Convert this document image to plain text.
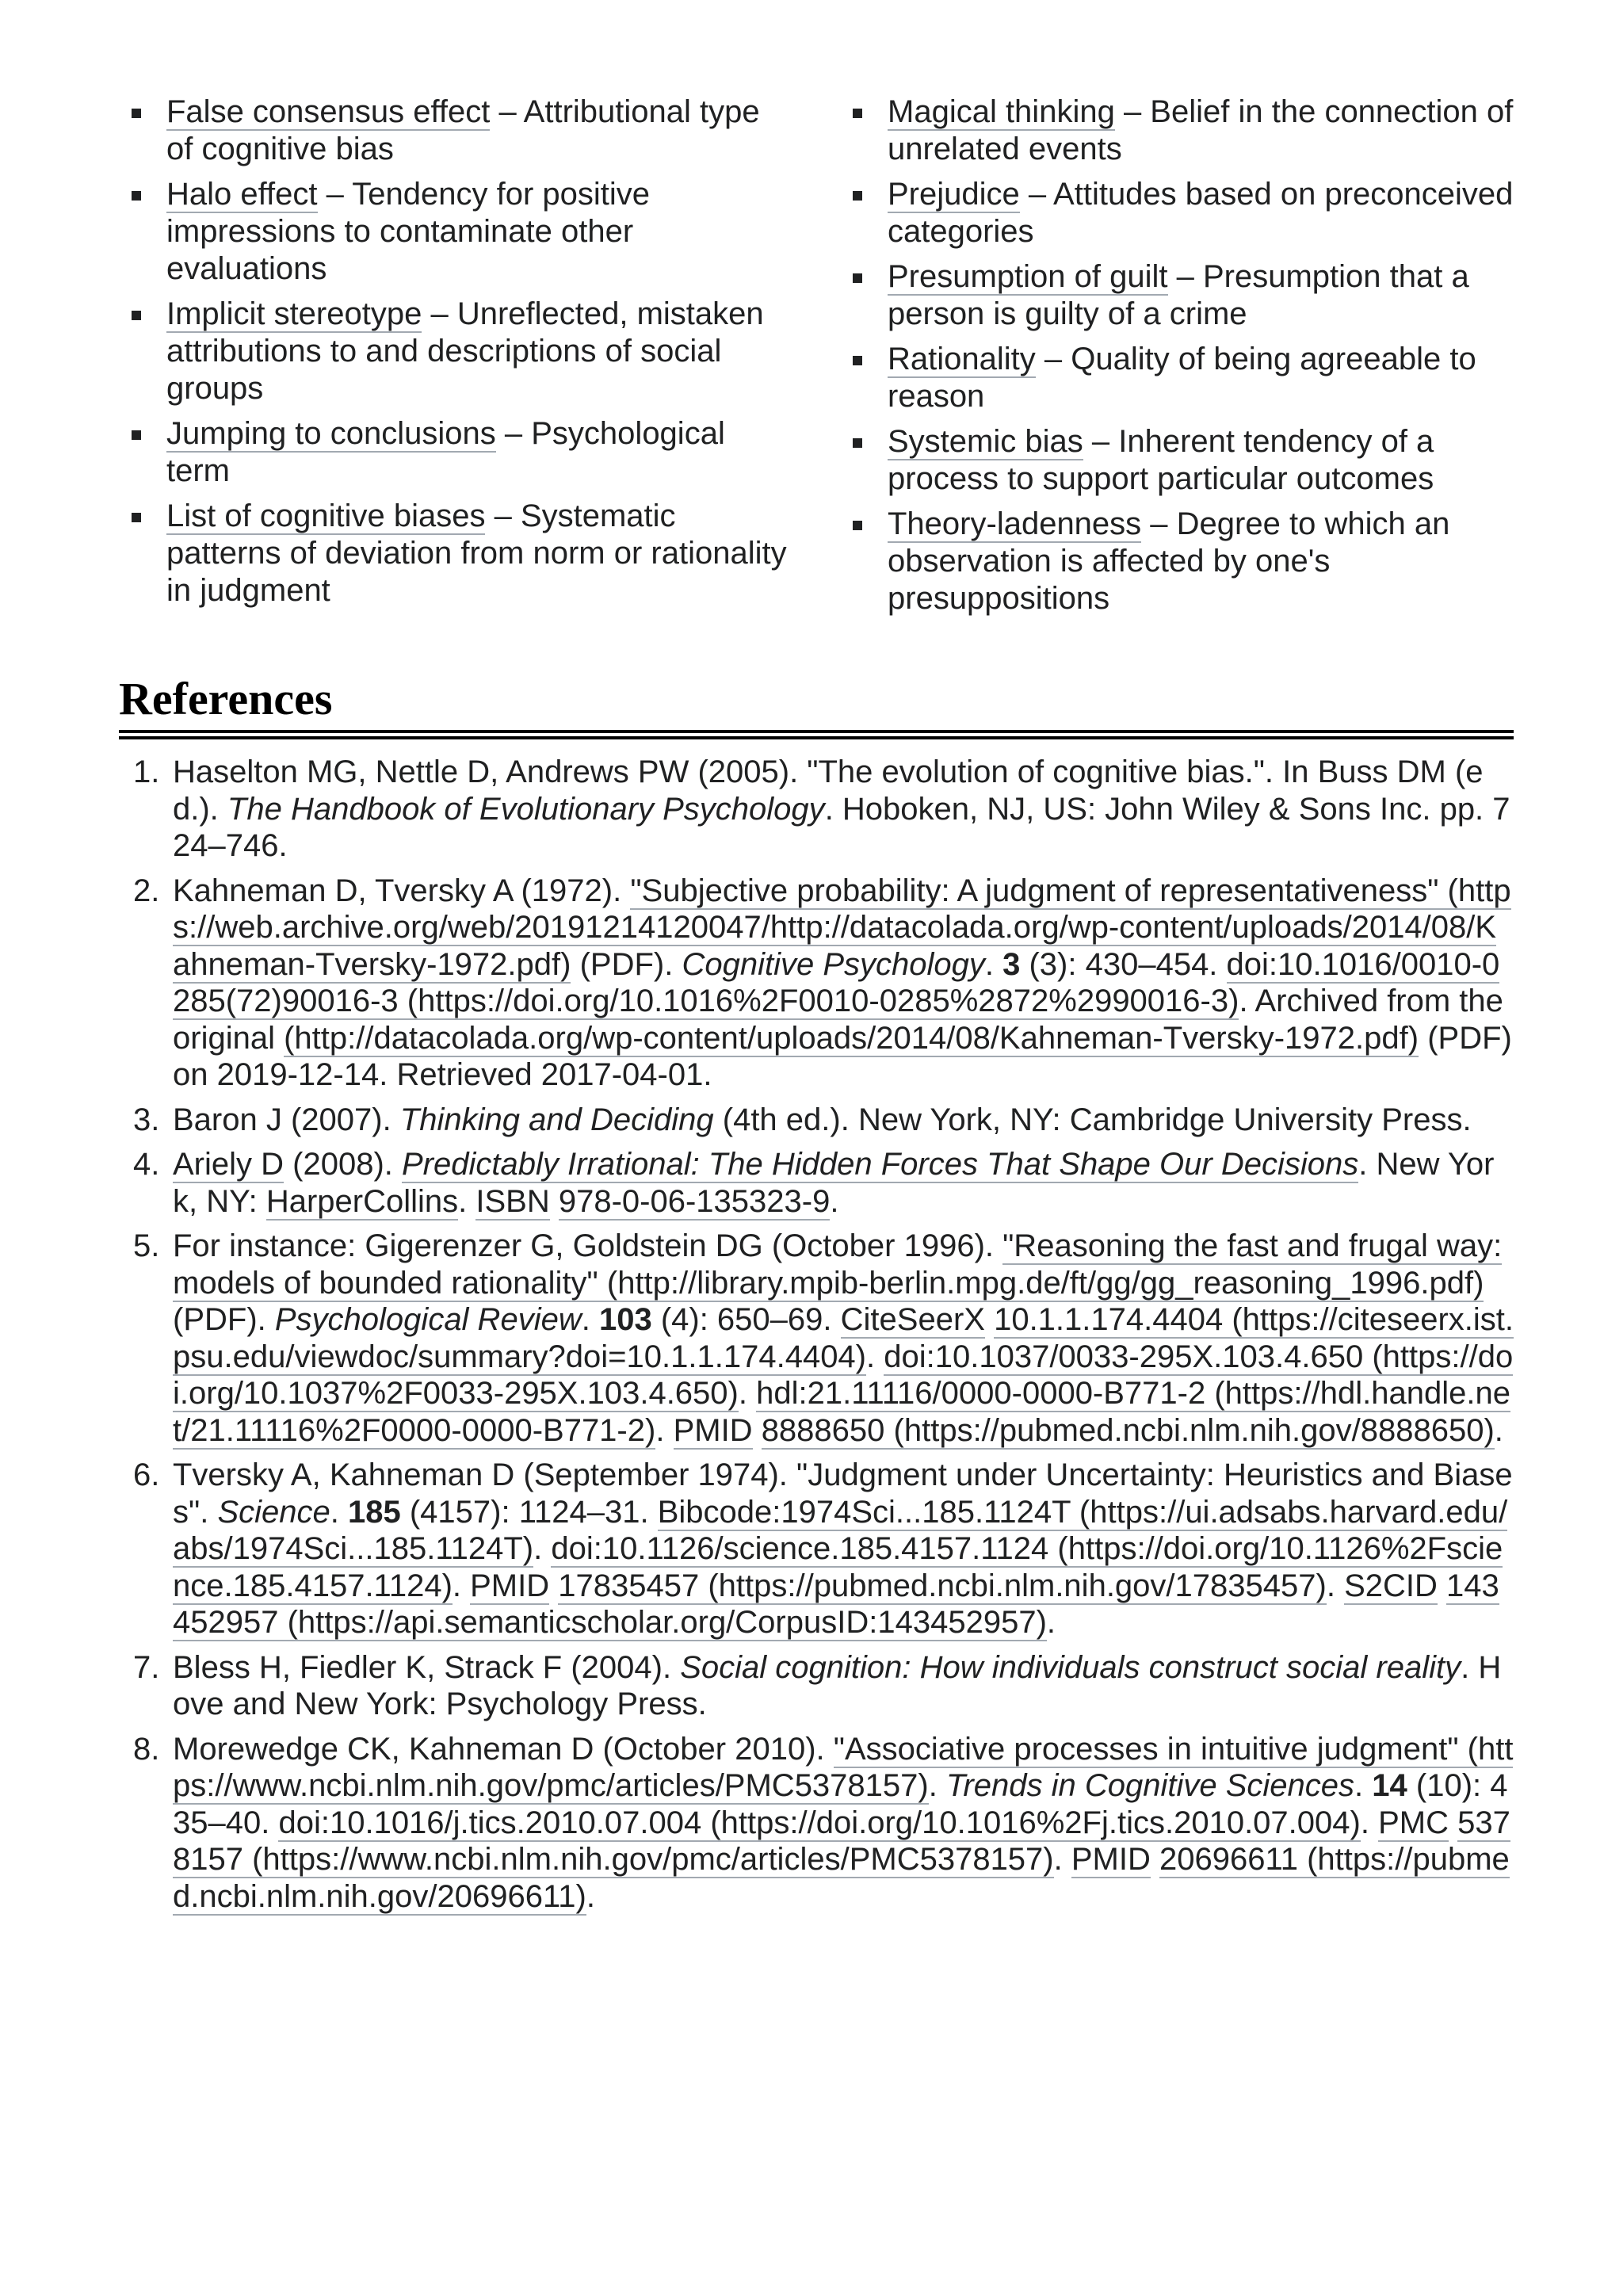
False consensus effect – Attributional type of cognitive bias
Halo effect – Tendency for positive impressions to contaminate other evaluations
Implicit stereotype – Unreflected, mistaken attributions to and descriptions of social groups
Jumping to conclusions – Psychological term
List of cognitive biases – Systematic patterns of deviation from norm or rationality in judgment
Magical thinking – Belief in the connection of unrelated events
Prejudice – Attitudes based on preconceived categories
Presumption of guilt – Presumption that a person is guilty of a crime
Rationality – Quality of being agreeable to reason
Systemic bias – Inherent tendency of a process to support particular outcomes
Theory-ladenness – Degree to which an observation is affected by one's presuppositions
References
1. Haselton MG, Nettle D, Andrews PW (2005). "The evolution of cognitive bias.". In Buss DM (ed.). The Handbook of Evolutionary Psychology. Hoboken, NJ, US: John Wiley & Sons Inc. pp. 724–746.
2. Kahneman D, Tversky A (1972). "Subjective probability: A judgment of representativeness" (https://web.archive.org/web/20191214120047/http://datacolada.org/wp-content/uploads/2014/08/Kahneman-Tversky-1972.pdf) (PDF). Cognitive Psychology. 3 (3): 430–454. doi:10.1016/0010-0285(72)90016-3 (https://doi.org/10.1016%2F0010-0285%2872%2990016-3). Archived from the original (http://datacolada.org/wp-content/uploads/2014/08/Kahneman-Tversky-1972.pdf) (PDF) on 2019-12-14. Retrieved 2017-04-01.
3. Baron J (2007). Thinking and Deciding (4th ed.). New York, NY: Cambridge University Press.
4. Ariely D (2008). Predictably Irrational: The Hidden Forces That Shape Our Decisions. New York, NY: HarperCollins. ISBN 978-0-06-135323-9.
5. For instance: Gigerenzer G, Goldstein DG (October 1996). "Reasoning the fast and frugal way: models of bounded rationality" (http://library.mpib-berlin.mpg.de/ft/gg/gg_reasoning_1996.pdf) (PDF). Psychological Review. 103 (4): 650–69. CiteSeerX 10.1.1.174.4404 (https://citeseerx.ist.psu.edu/viewdoc/summary?doi=10.1.1.174.4404). doi:10.1037/0033-295X.103.4.650 (https://doi.org/10.1037%2F0033-295X.103.4.650). hdl:21.11116/0000-0000-B771-2 (https://hdl.handle.net/21.11116%2F0000-0000-B771-2). PMID 8888650 (https://pubmed.ncbi.nlm.nih.gov/8888650).
6. Tversky A, Kahneman D (September 1974). "Judgment under Uncertainty: Heuristics and Biases". Science. 185 (4157): 1124–31. Bibcode:1974Sci...185.1124T (https://ui.adsabs.harvard.edu/abs/1974Sci...185.1124T). doi:10.1126/science.185.4157.1124 (https://doi.org/10.1126%2Fscience.185.4157.1124). PMID 17835457 (https://pubmed.ncbi.nlm.nih.gov/17835457). S2CID 143452957 (https://api.semanticscholar.org/CorpusID:143452957).
7. Bless H, Fiedler K, Strack F (2004). Social cognition: How individuals construct social reality. Hove and New York: Psychology Press.
8. Morewedge CK, Kahneman D (October 2010). "Associative processes in intuitive judgment" (https://www.ncbi.nlm.nih.gov/pmc/articles/PMC5378157). Trends in Cognitive Sciences. 14 (10): 435–40. doi:10.1016/j.tics.2010.07.004 (https://doi.org/10.1016%2Fj.tics.2010.07.004). PMC 5378157 (https://www.ncbi.nlm.nih.gov/pmc/articles/PMC5378157). PMID 20696611 (https://pubmed.ncbi.nlm.nih.gov/20696611).
